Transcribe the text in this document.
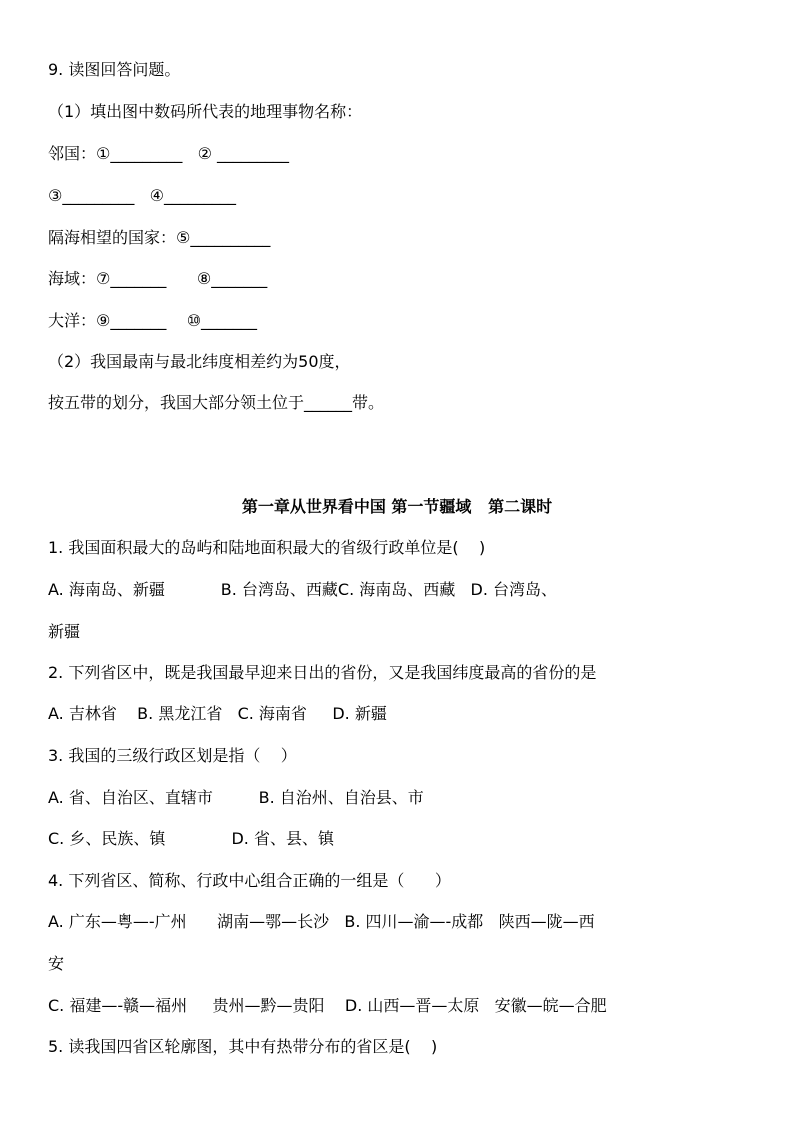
9. 读图回答问题。
（1）填出图中数码所代表的地理事物名称：
邻国：①_________   ② _________
③_________   ④_________
隔海相望的国家：⑤__________
海域：⑦_______      ⑧_______
大洋：⑨_______    ⑩_______
（2）我国最南与最北纬度相差约为50度，
按五带的划分，我国大部分领土位于______带。
第一章从世界看中国 第一节疆域   第二课时
1. 我国面积最大的岛屿和陆地面积最大的省级行政单位是(    )
A. 海南岛、新疆           B. 台湾岛、西藏C. 海南岛、西藏   D. 台湾岛、
新疆
2. 下列省区中，既是我国最早迎来日出的省份，又是我国纬度最高的省份的是
A. 吉林省    B. 黑龙江省   C. 海南省     D. 新疆
3. 我国的三级行政区划是指（    ）
A. 省、自治区、直辖市         B. 自治州、自治县、市
C. 乡、民族、镇             D. 省、县、镇
4. 下列省区、简称、行政中心组合正确的一组是（      ）
A. 广东—粤—-广州      湖南—鄂—长沙   B. 四川—渝—-成都   陕西—陇—西
安
C. 福建—-赣—福州     贵州—黔—贵阳    D. 山西—晋—太原   安徽—皖—合肥
5. 读我国四省区轮廓图，其中有热带分布的省区是(    )
